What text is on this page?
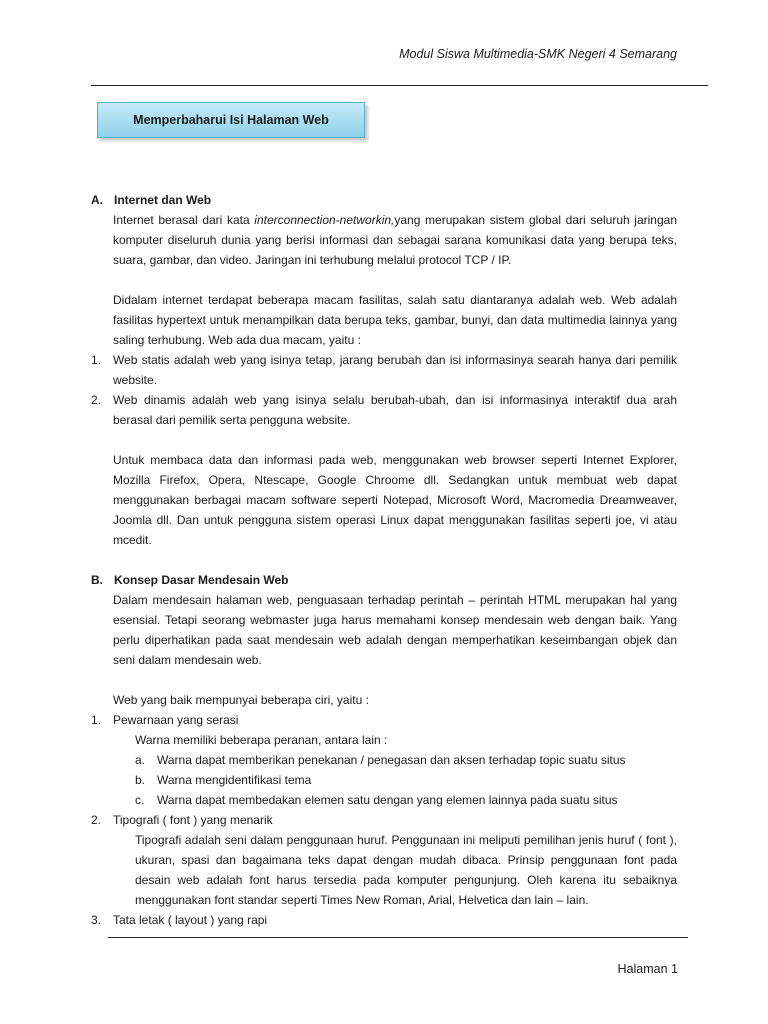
Modul Siswa Multimedia-SMK Negeri 4 Semarang
Memperbaharui Isi Halaman Web
A. Internet dan Web

Internet berasal dari kata interconnection-networkin,yang merupakan sistem global dari seluruh jaringan komputer diseluruh dunia yang berisi informasi dan sebagai sarana komunikasi data yang berupa teks, suara, gambar, dan video. Jaringan ini terhubung melalui protocol TCP / IP.

Didalam internet terdapat beberapa macam fasilitas, salah satu diantaranya adalah web. Web adalah fasilitas hypertext untuk menampilkan data berupa teks, gambar, bunyi, dan data multimedia lainnya yang saling terhubung. Web ada dua macam, yaitu :

1. Web statis adalah web yang isinya tetap, jarang berubah dan isi informasinya searah hanya dari pemilik website.
2. Web dinamis adalah web yang isinya selalu berubah-ubah, dan isi informasinya interaktif dua arah berasal dari pemilik serta pengguna website.

Untuk membaca data dan informasi pada web, menggunakan web browser seperti Internet Explorer, Mozilla Firefox, Opera, Ntescape, Google Chroome dll. Sedangkan untuk membuat web dapat menggunakan berbagai macam software seperti Notepad, Microsoft Word, Macromedia Dreamweaver, Joomla dll. Dan untuk pengguna sistem operasi Linux dapat menggunakan fasilitas seperti joe, vi atau mcedit.

B. Konsep Dasar Mendesain Web

Dalam mendesain halaman web, penguasaan terhadap perintah – perintah HTML merupakan hal yang esensial. Tetapi seorang webmaster juga harus memahami konsep mendesain web dengan baik. Yang perlu diperhatikan pada saat mendesain web adalah dengan memperhatikan keseimbangan objek dan seni dalam mendesain web.

Web yang baik mempunyai beberapa ciri, yaitu :

1. Pewarnaan yang serasi
Warna memiliki beberapa peranan, antara lain :
a. Warna dapat memberikan penekanan / penegasan dan aksen terhadap topic suatu situs
b. Warna mengidentifikasi tema
c.	Warna dapat membedakan elemen satu dengan yang elemen lainnya pada suatu situs
2. Tipografi ( font ) yang menarik

Tipografi adalah seni dalam penggunaan huruf. Penggunaan ini meliputi pemilihan jenis huruf ( font ), ukuran, spasi dan bagaimana teks dapat dengan mudah dibaca. Prinsip penggunaan font pada desain web adalah font harus tersedia pada komputer pengunjung. Oleh karena itu sebaiknya menggunakan font standar seperti Times New Roman, Arial, Helvetica dan lain – lain.

3. Tata letak ( layout ) yang rapi
Halaman 1
